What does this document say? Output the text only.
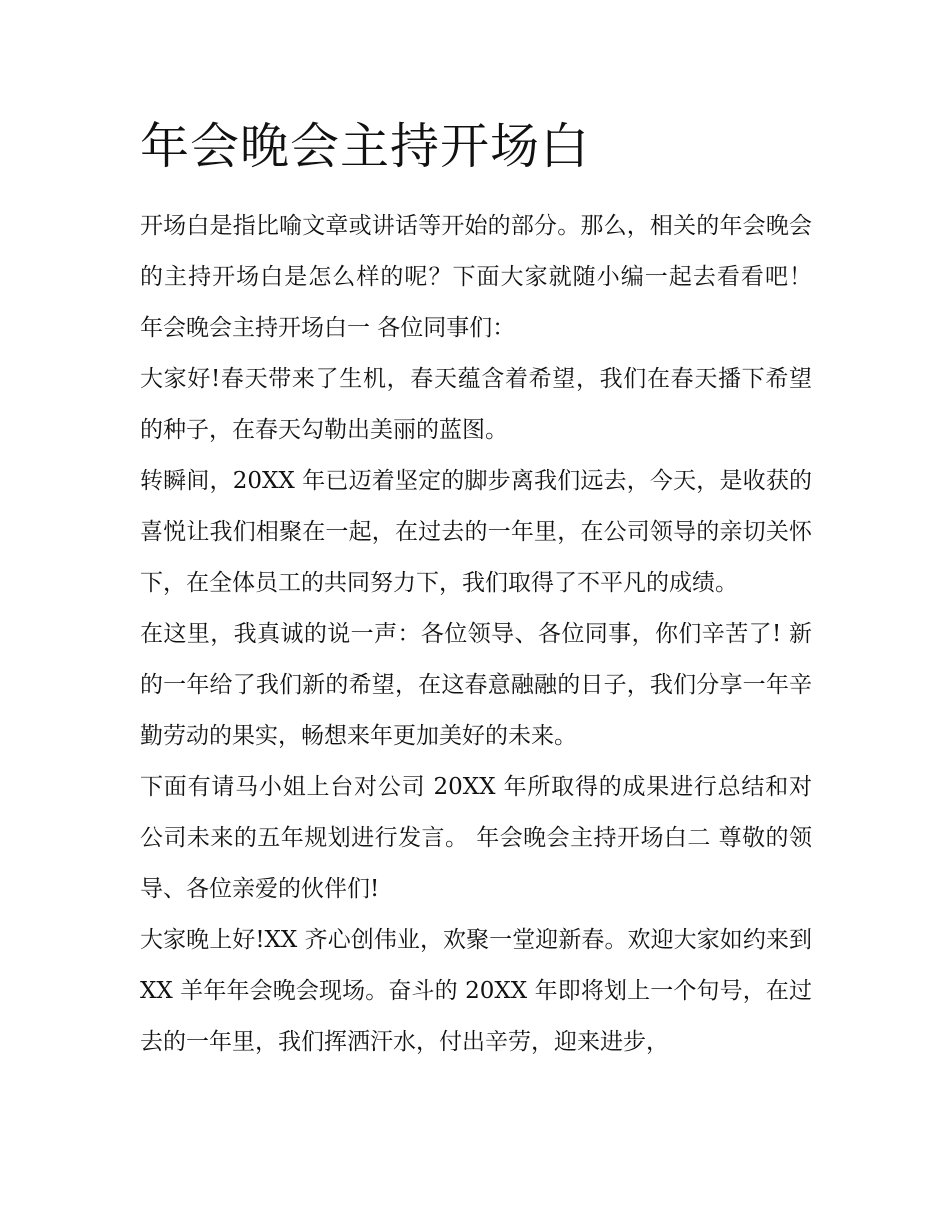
年会晚会主持开场白

开场白是指比喻文章或讲话等开始的部分。那么，相关的年会晚会的主持开场白是怎么样的呢？下面大家就随小编一起去看看吧！ 年会晚会主持开场白一 各位同事们：

大家好!春天带来了生机，春天蕴含着希望，我们在春天播下希望的种子，在春天勾勒出美丽的蓝图。

转瞬间，20XX 年已迈着坚定的脚步离我们远去，今天，是收获的喜悦让我们相聚在一起，在过去的一年里，在公司领导的亲切关怀下，在全体员工的共同努力下，我们取得了不平凡的成绩。

在这里，我真诚的说一声：各位领导、各位同事，你们辛苦了! 新的一年给了我们新的希望，在这春意融融的日子，我们分享一年辛勤劳动的果实，畅想来年更加美好的未来。

下面有请马小姐上台对公司 20XX 年所取得的成果进行总结和对公司未来的五年规划进行发言。 年会晚会主持开场白二 尊敬的领导、各位亲爱的伙伴们!

大家晚上好!XX 齐心创伟业，欢聚一堂迎新春。欢迎大家如约来到 XX 羊年年会晚会现场。奋斗的 20XX 年即将划上一个句号，在过去的一年里，我们挥洒汗水，付出辛劳，迎来进步，
